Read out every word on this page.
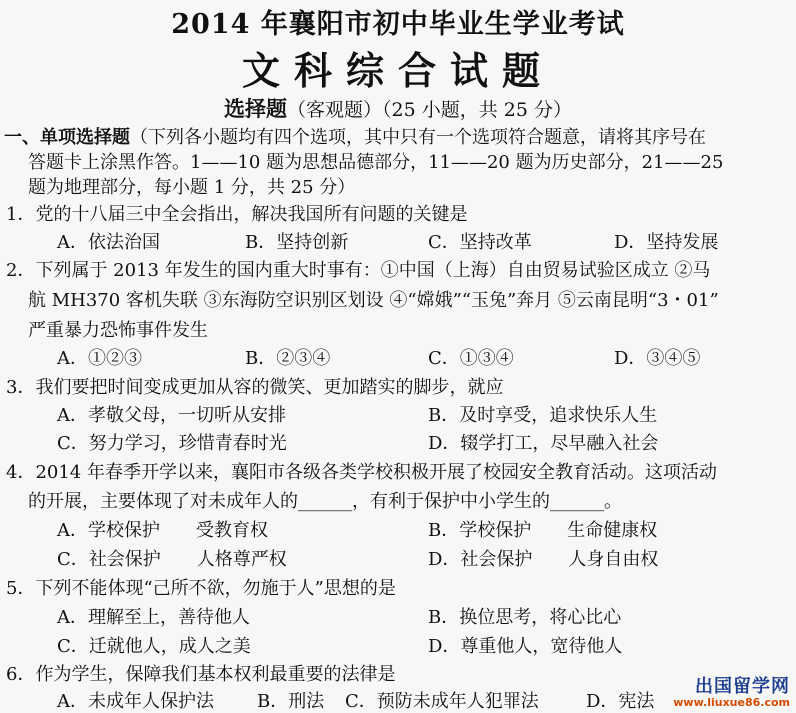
2014 年襄阳市初中毕业生学业考试
文科综合试题
选择题（客观题）（25 小题，共 25 分）
一、单项选择题（下列各小题均有四个选项，其中只有一个选项符合题意，请将其序号在
答题卡上涂黑作答。1——10 题为思想品德部分，11——20 题为历史部分，21——25
题为地理部分，每小题 1 分，共 25 分）
1．党的十八届三中全会指出，解决我国所有问题的关键是
A．依法治国	B．坚持创新	C．坚持改革	D．坚持发展
2．下列属于 2013 年发生的国内重大时事有：①中国（上海）自由贸易试验区成立 ②马
航 MH370 客机失联 ③东海防空识别区划设 ④“嫦娥”“玉兔”奔月 ⑤云南昆明“3・01”
严重暴力恐怖事件发生
A．①②③	B．②③④	C．①③④	D．③④⑤
3．我们要把时间变成更加从容的微笑、更加踏实的脚步，就应
A．孝敬父母，一切听从安排	B．及时享受，追求快乐人生
C．努力学习，珍惜青春时光	D．辍学打工，尽早融入社会
4．2014 年春季开学以来，襄阳市各级各类学校积极开展了校园安全教育活动。这项活动
的开展，主要体现了对未成年人的______，有利于保护中小学生的______。
A．学校保护　　受教育权	B．学校保护　　生命健康权
C．社会保护　　人格尊严权	D．社会保护　　人身自由权
5．下列不能体现“己所不欲，勿施于人”思想的是
A．理解至上，善待他人	B．换位思考，将心比心
C．迁就他人，成人之美	D．尊重他人，宽待他人
6．作为学生，保障我们基本权利最重要的法律是
A．未成年人保护法 B．刑法 C．预防未成年人犯罪法	D．宪法
出国留学网
www.liuxue86.com
